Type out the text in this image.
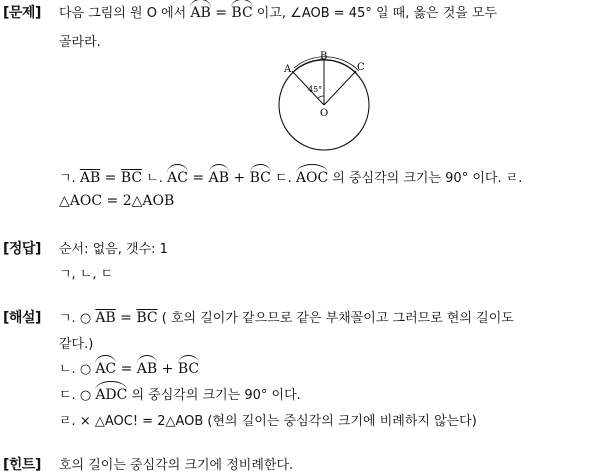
[문제] 다음 그림의 원 O 에서 AB = BC 이고, ∠AOB = 45° 일 때, 옳은 것을 모두
골라라.
A
B
C
O
45°
ㄱ. $\overline{AB} = \overline{BC}$ ㄴ. AC = AB + BC ㄷ. AOC 의 중심각의 크기는 90° 이다. ㄹ.
△AOC = 2△AOB
[정답] 순서: 없음, 갯수: 1
ㄱ, ㄴ, ㄷ
[해설] ㄱ. ○ $\overline{AB} = \overline{BC}$ ( 호의 길이가 같으므로 같은 부채꼴이고 그러므로 현의 길이도
같다.)
ㄴ. ○ AC = AB + BC
ㄷ. ○ ADC 의 중심각의 크기는 90° 이다.
ㄹ. × △AOC! = 2△AOB (현의 길이는 중심각의 크기에 비례하지 않는다)
[힌트] 호의 길이는 중심각의 크기에 정비례한다.
